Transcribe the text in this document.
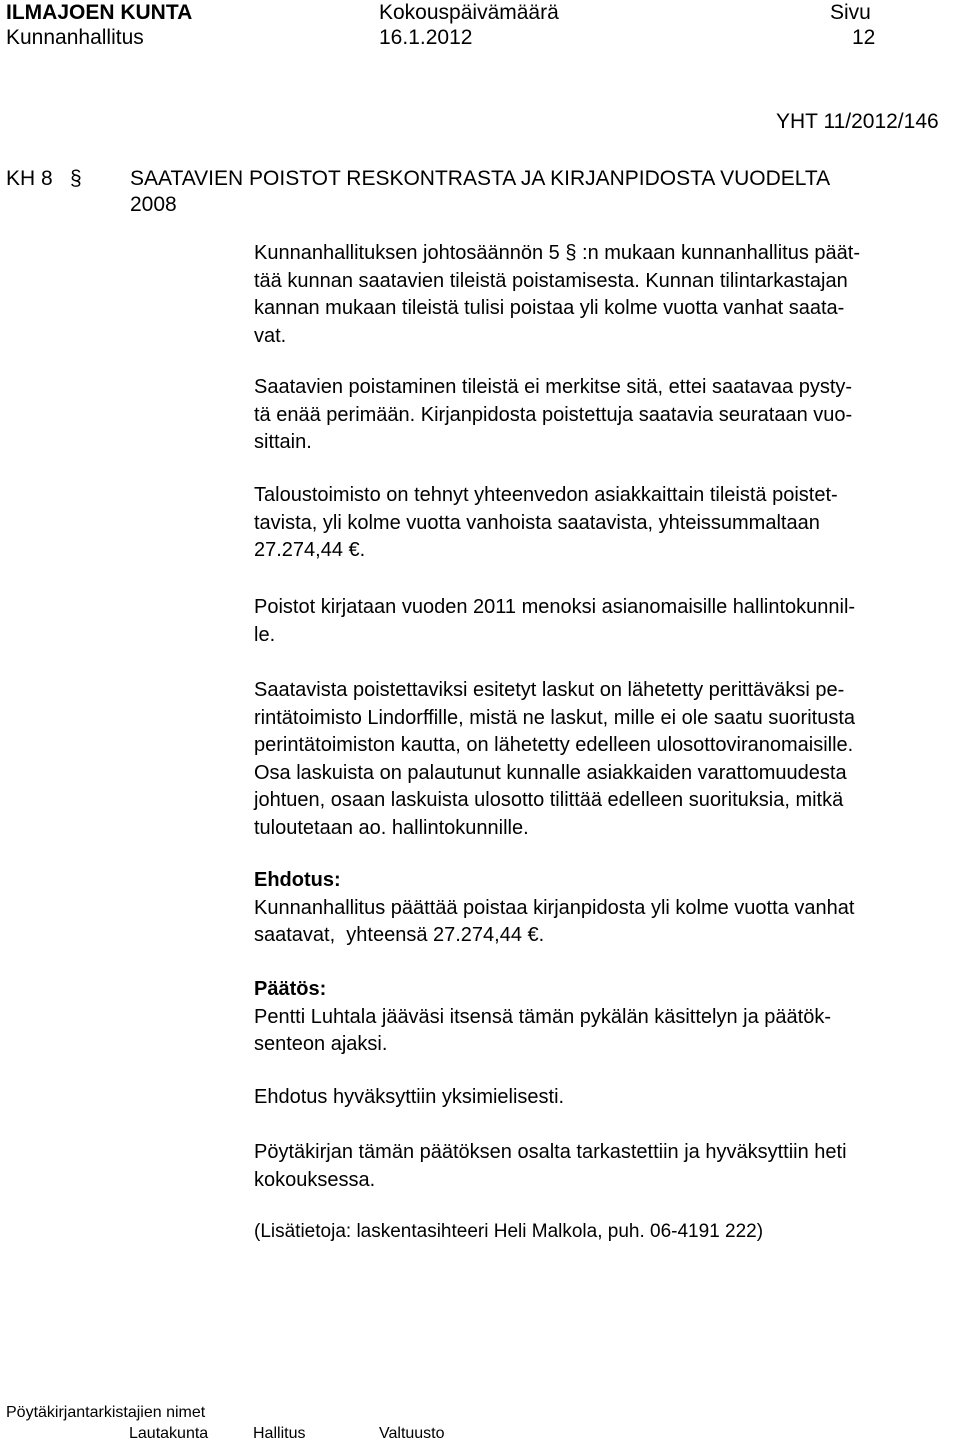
ILMAJOEN KUNTA
Kunnanhallitus
Kokouspäivämäärä
16.1.2012
Sivu
12
YHT 11/2012/146
KH 8 § SAATAVIEN POISTOT RESKONTRASTA JA KIRJANPIDOSTA VUODELTA
2008
Kunnanhallituksen johtosäännön 5 § :n mukaan kunnanhallitus päät-
tää kunnan saatavien tileistä poistamisesta. Kunnan tilintarkastajan
kannan mukaan tileistä tulisi poistaa yli kolme vuotta vanhat saata-
vat.
Saatavien poistaminen tileistä ei merkitse sitä, ettei saatavaa pysty-
tä enää perimään. Kirjanpidosta poistettuja saatavia seurataan vuo-
sittain.
Taloustoimisto on tehnyt yhteenvedon asiakkaittain tileistä poistet-
tavista, yli kolme vuotta vanhoista saatavista, yhteissummaltaan
27.274,44 €.
Poistot kirjataan vuoden 2011 menoksi asianomaisille hallintokunnil-
le.
Saatavista poistettaviksi esitetyt laskut on lähetetty perittäväksi pe-
rintätoimisto Lindorffille, mistä ne laskut, mille ei ole saatu suoritusta
perintätoimiston kautta, on lähetetty edelleen ulosottoviranomaisille.
Osa laskuista on palautunut kunnalle asiakkaiden varattomuudesta
johtuen, osaan laskuista ulosotto tilittää edelleen suorituksia, mitkä
tuloutetaan ao. hallintokunnille.
Ehdotus:
Kunnanhallitus päättää poistaa kirjanpidosta yli kolme vuotta vanhat
saatavat,  yhteensä 27.274,44 €.
Päätös:
Pentti Luhtala jääväsi itsensä tämän pykälän käsittelyn ja päätök-
senteon ajaksi.
Ehdotus hyväksyttiin yksimielisesti.
Pöytäkirjan tämän päätöksen osalta tarkastettiin ja hyväksyttiin heti
kokouksessa.
(Lisätietoja: laskentasihteeri Heli Malkola, puh. 06-4191 222)
Pöytäkirjantarkistajien nimet
Lautakunta	Hallitus	Valtuusto
